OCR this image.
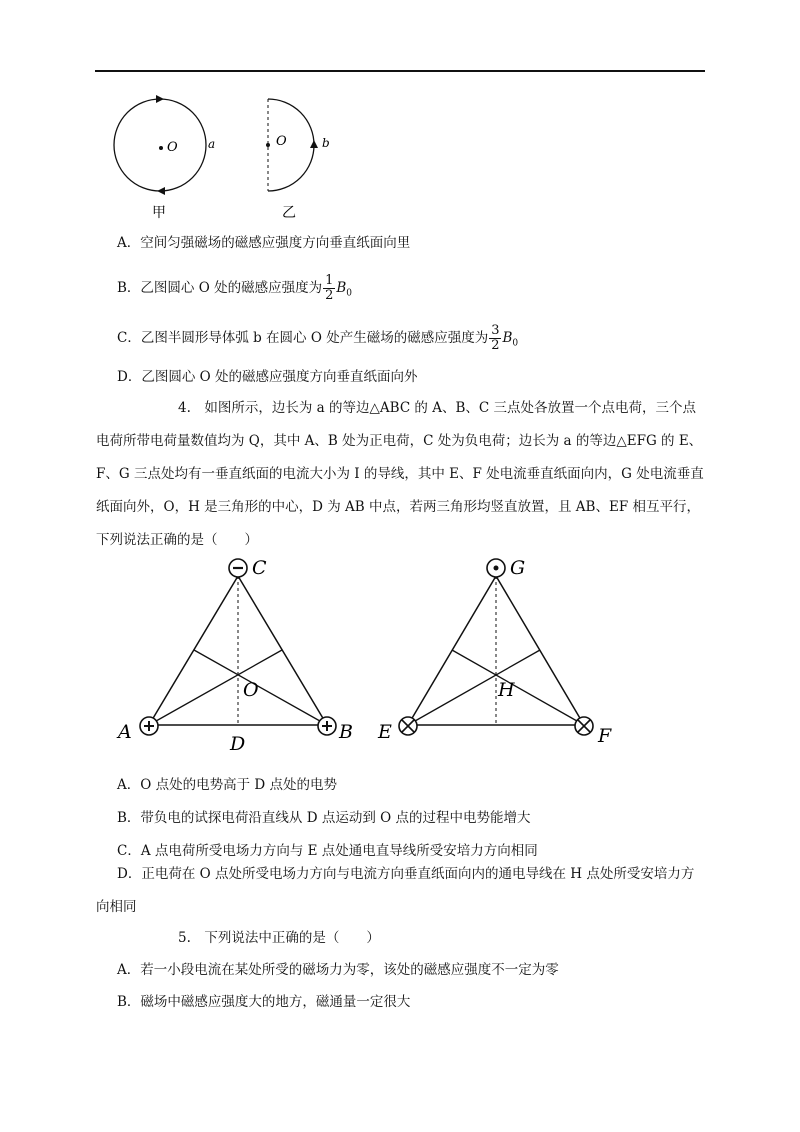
O	a
甲
O	b
乙
A．空间匀强磁场的磁感应强度方向垂直纸面向里
B．乙图圆心 O 处的磁感应强度为 $\frac{1}{2} B_0$
C．乙图半圆形导体弧 b 在圆心 O 处产生磁场的磁感应强度为 $\frac{3}{2} B_0$
D．乙图圆心 O 处的磁感应强度方向垂直纸面向外
4.　如图所示，边长为 a 的等边△ABC 的 A、B、C 三点处各放置一个点电荷，三个点电荷所带电荷量数值均为 Q，其中 A、B 处为正电荷，C 处为负电荷；边长为 a 的等边△EFG 的 E、F、G 三点处均有一垂直纸面的电流大小为 I 的导线，其中 E、F 处电流垂直纸面向内，G 处电流垂直纸面向外，O，H 是三角形的中心，D 为 AB 中点，若两三角形均竖直放置，且 AB、EF 相互平行，下列说法正确的是（　　）
C
A	B
O
D
G
E	F
H
A．O 点处的电势高于 D 点处的电势
B．带负电的试探电荷沿直线从 D 点运动到 O 点的过程中电势能增大
C．A 点电荷所受电场力方向与 E 点处通电直导线所受安培力方向相同
D．正电荷在 O 点处所受电场力方向与电流方向垂直纸面向内的通电导线在 H 点处所受安培力方向相同
5.　下列说法中正确的是（　　）
A．若一小段电流在某处所受的磁场力为零，该处的磁感应强度不一定为零
B．磁场中磁感应强度大的地方，磁通量一定很大
